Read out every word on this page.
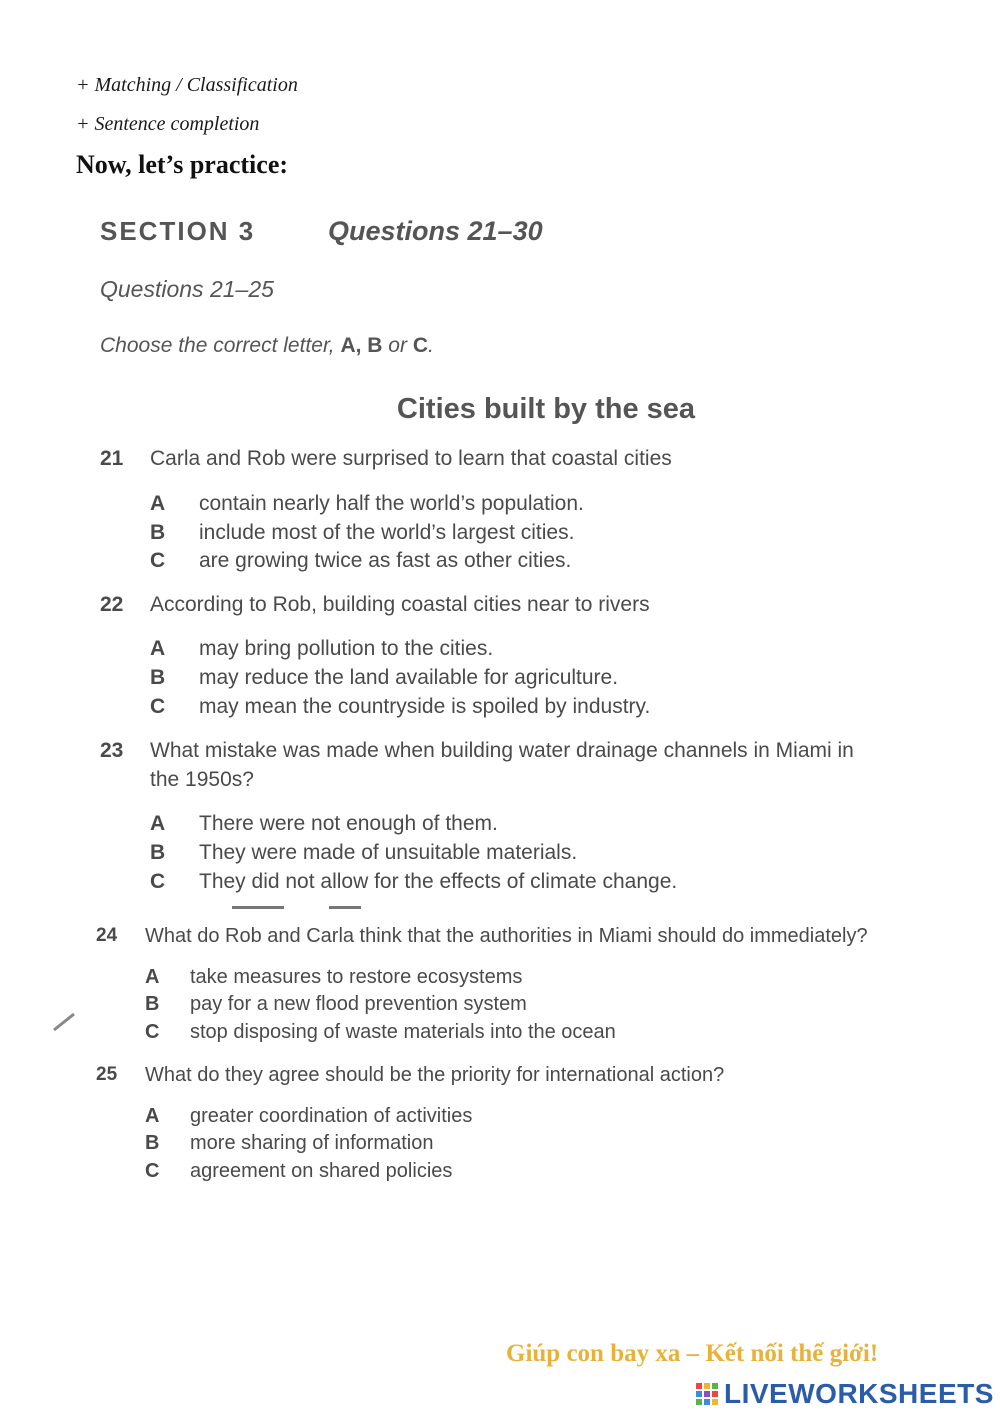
+ Matching / Classification
+ Sentence completion
Now, let’s practice:
SECTION 3	Questions 21–30
Questions 21–25
Choose the correct letter, A, B or C.
Cities built by the sea
21 Carla and Rob were surprised to learn that coastal cities
A contain nearly half the world’s population.
B include most of the world’s largest cities.
C are growing twice as fast as other cities.
22 According to Rob, building coastal cities near to rivers
A may bring pollution to the cities.
B may reduce the land available for agriculture.
C may mean the countryside is spoiled by industry.
23 What mistake was made when building water drainage channels in Miami in
the 1950s?
A There were not enough of them.
B They were made of unsuitable materials.
C They did not allow for the effects of climate change.
24 What do Rob and Carla think that the authorities in Miami should do immediately?
A take measures to restore ecosystems
B pay for a new flood prevention system
C stop disposing of waste materials into the ocean
25 What do they agree should be the priority for international action?
A greater coordination of activities
B more sharing of information
C agreement on shared policies
Giúp con bay xa – Kết nối thế giới!
LIVEWORKSHEETS
